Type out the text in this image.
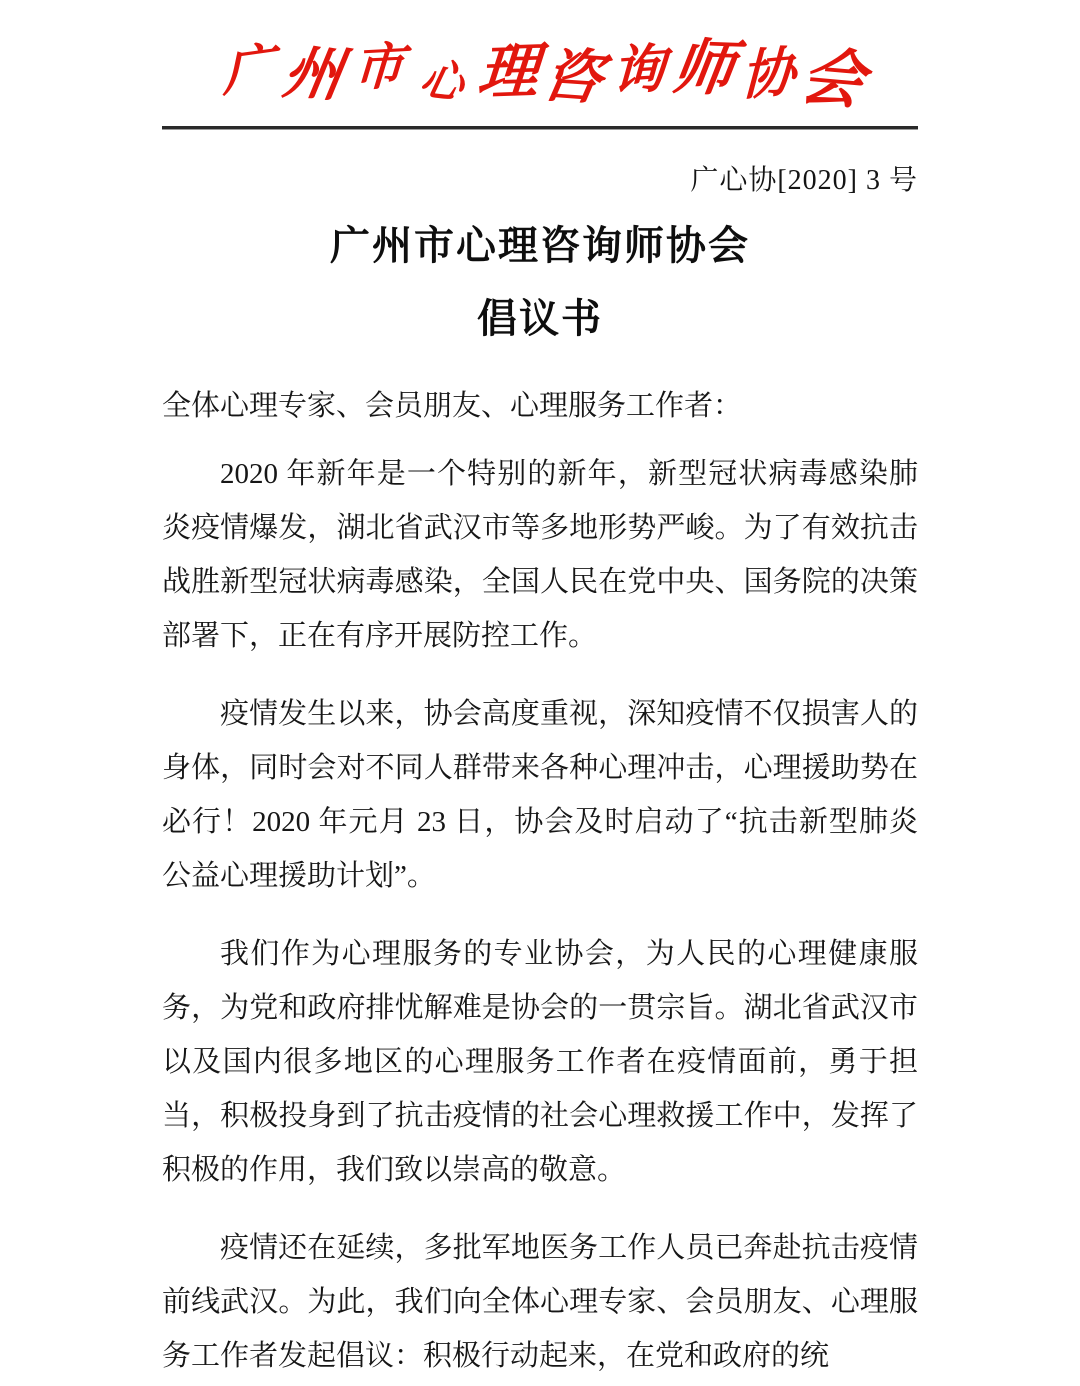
广 州 市 心 理
咨 询 师 协 会
广心协[2020] 3 号
广州市心理咨询师协会
倡议书

全体心理专家、会员朋友、心理服务工作者：

2020 年新年是一个特别的新年，新型冠状病毒感染肺炎疫情爆发，湖北省武汉市等多地形势严峻。为了有效抗击战胜新型冠状病毒感染，全国人民在党中央、国务院的决策部署下，正在有序开展防控工作。

疫情发生以来，协会高度重视，深知疫情不仅损害人的身体，同时会对不同人群带来各种心理冲击，心理援助势在必行！2020 年元月 23 日，协会及时启动了“抗击新型肺炎公益心理援助计划”。

我们作为心理服务的专业协会，为人民的心理健康服务，为党和政府排忧解难是协会的一贯宗旨。湖北省武汉市以及国内很多地区的心理服务工作者在疫情面前，勇于担当，积极投身到了抗击疫情的社会心理救援工作中，发挥了积极的作用，我们致以崇高的敬意。

疫情还在延续，多批军地医务工作人员已奔赴抗击疫情前线武汉。为此，我们向全体心理专家、会员朋友、心理服务工作者发起倡议：积极行动起来，在党和政府的统
